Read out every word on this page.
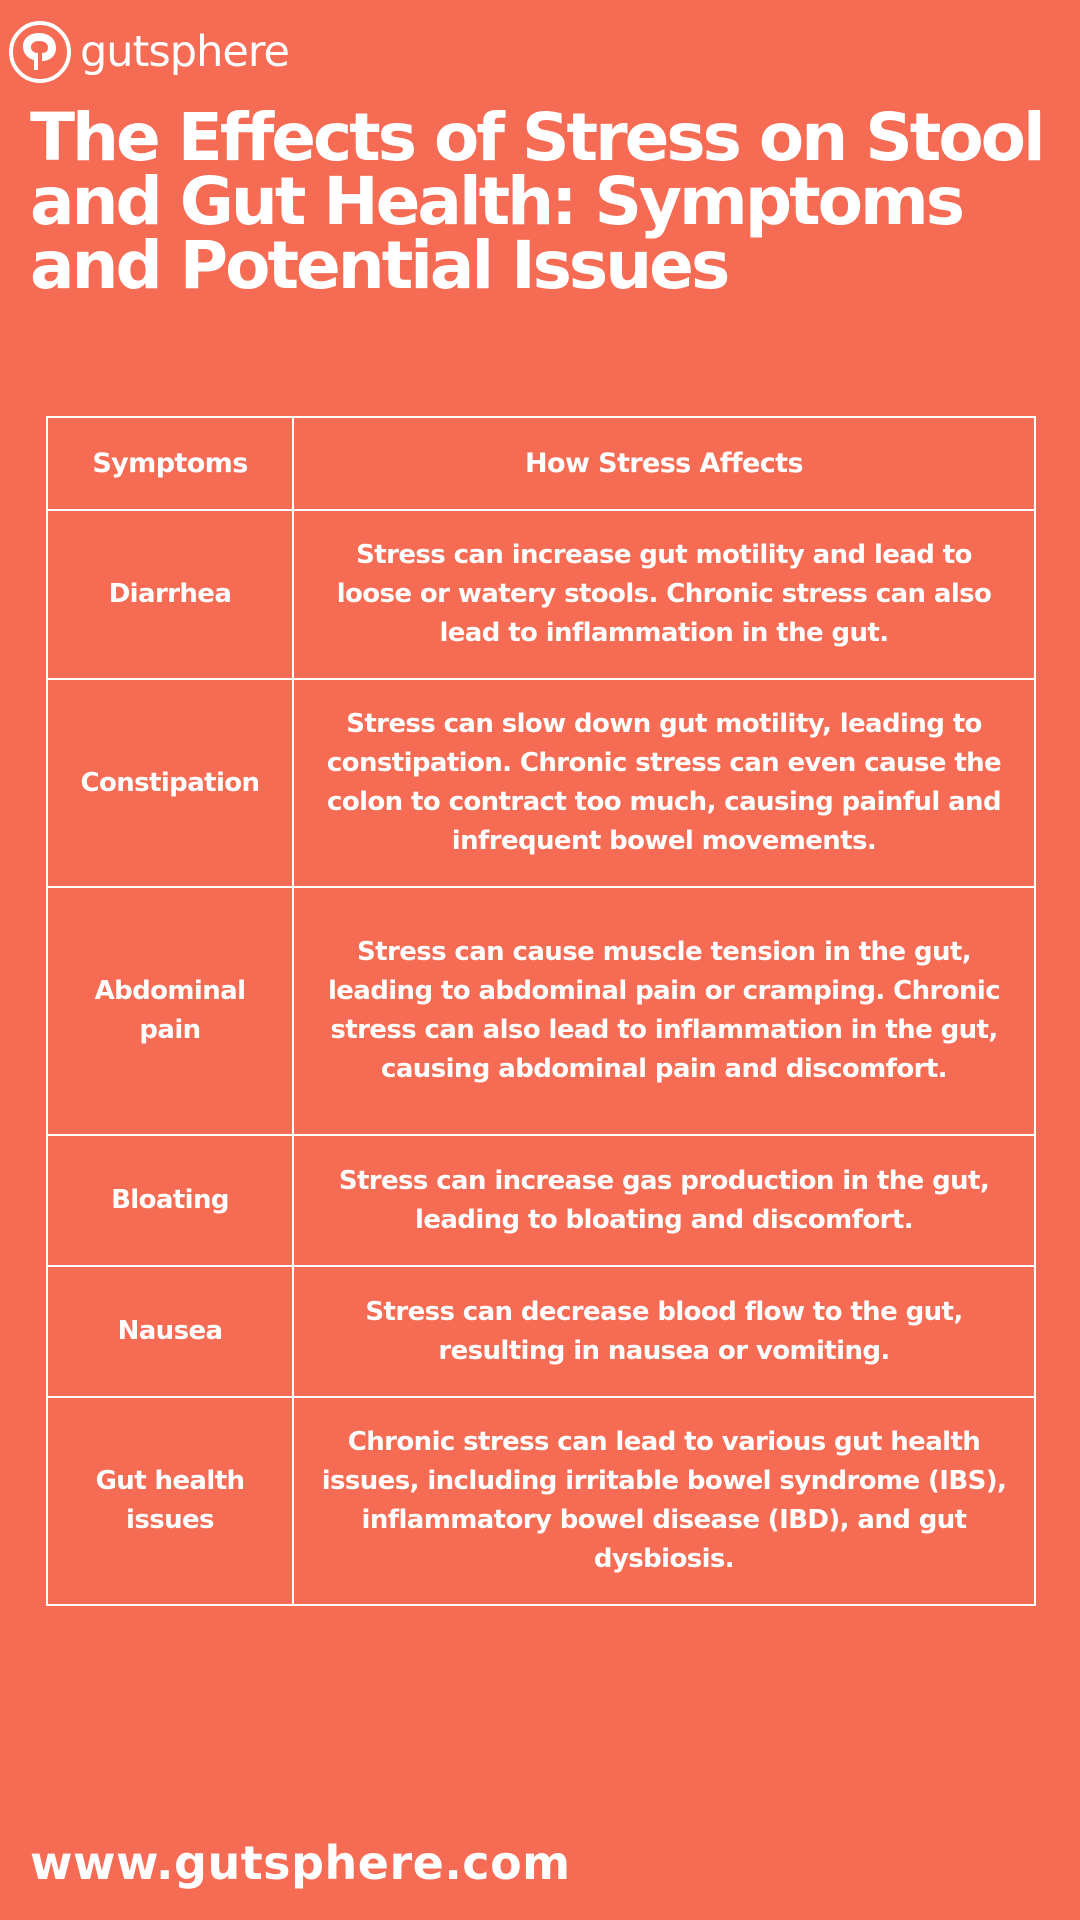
gutsphere
The Effects of Stress on Stool and Gut Health: Symptoms and Potential Issues
Symptoms	How Stress Affects
Diarrhea	Stress can increase gut motility and lead to loose or watery stools. Chronic stress can also lead to inflammation in the gut.
Constipation	Stress can slow down gut motility, leading to constipation. Chronic stress can even cause the colon to contract too much, causing painful and infrequent bowel movements.
Abdominal pain	Stress can cause muscle tension in the gut, leading to abdominal pain or cramping. Chronic stress can also lead to inflammation in the gut, causing abdominal pain and discomfort.
Bloating	Stress can increase gas production in the gut, leading to bloating and discomfort.
Nausea	Stress can decrease blood flow to the gut, resulting in nausea or vomiting.
Gut health issues	Chronic stress can lead to various gut health issues, including irritable bowel syndrome (IBS), inflammatory bowel disease (IBD), and gut dysbiosis.
www.gutsphere.com
